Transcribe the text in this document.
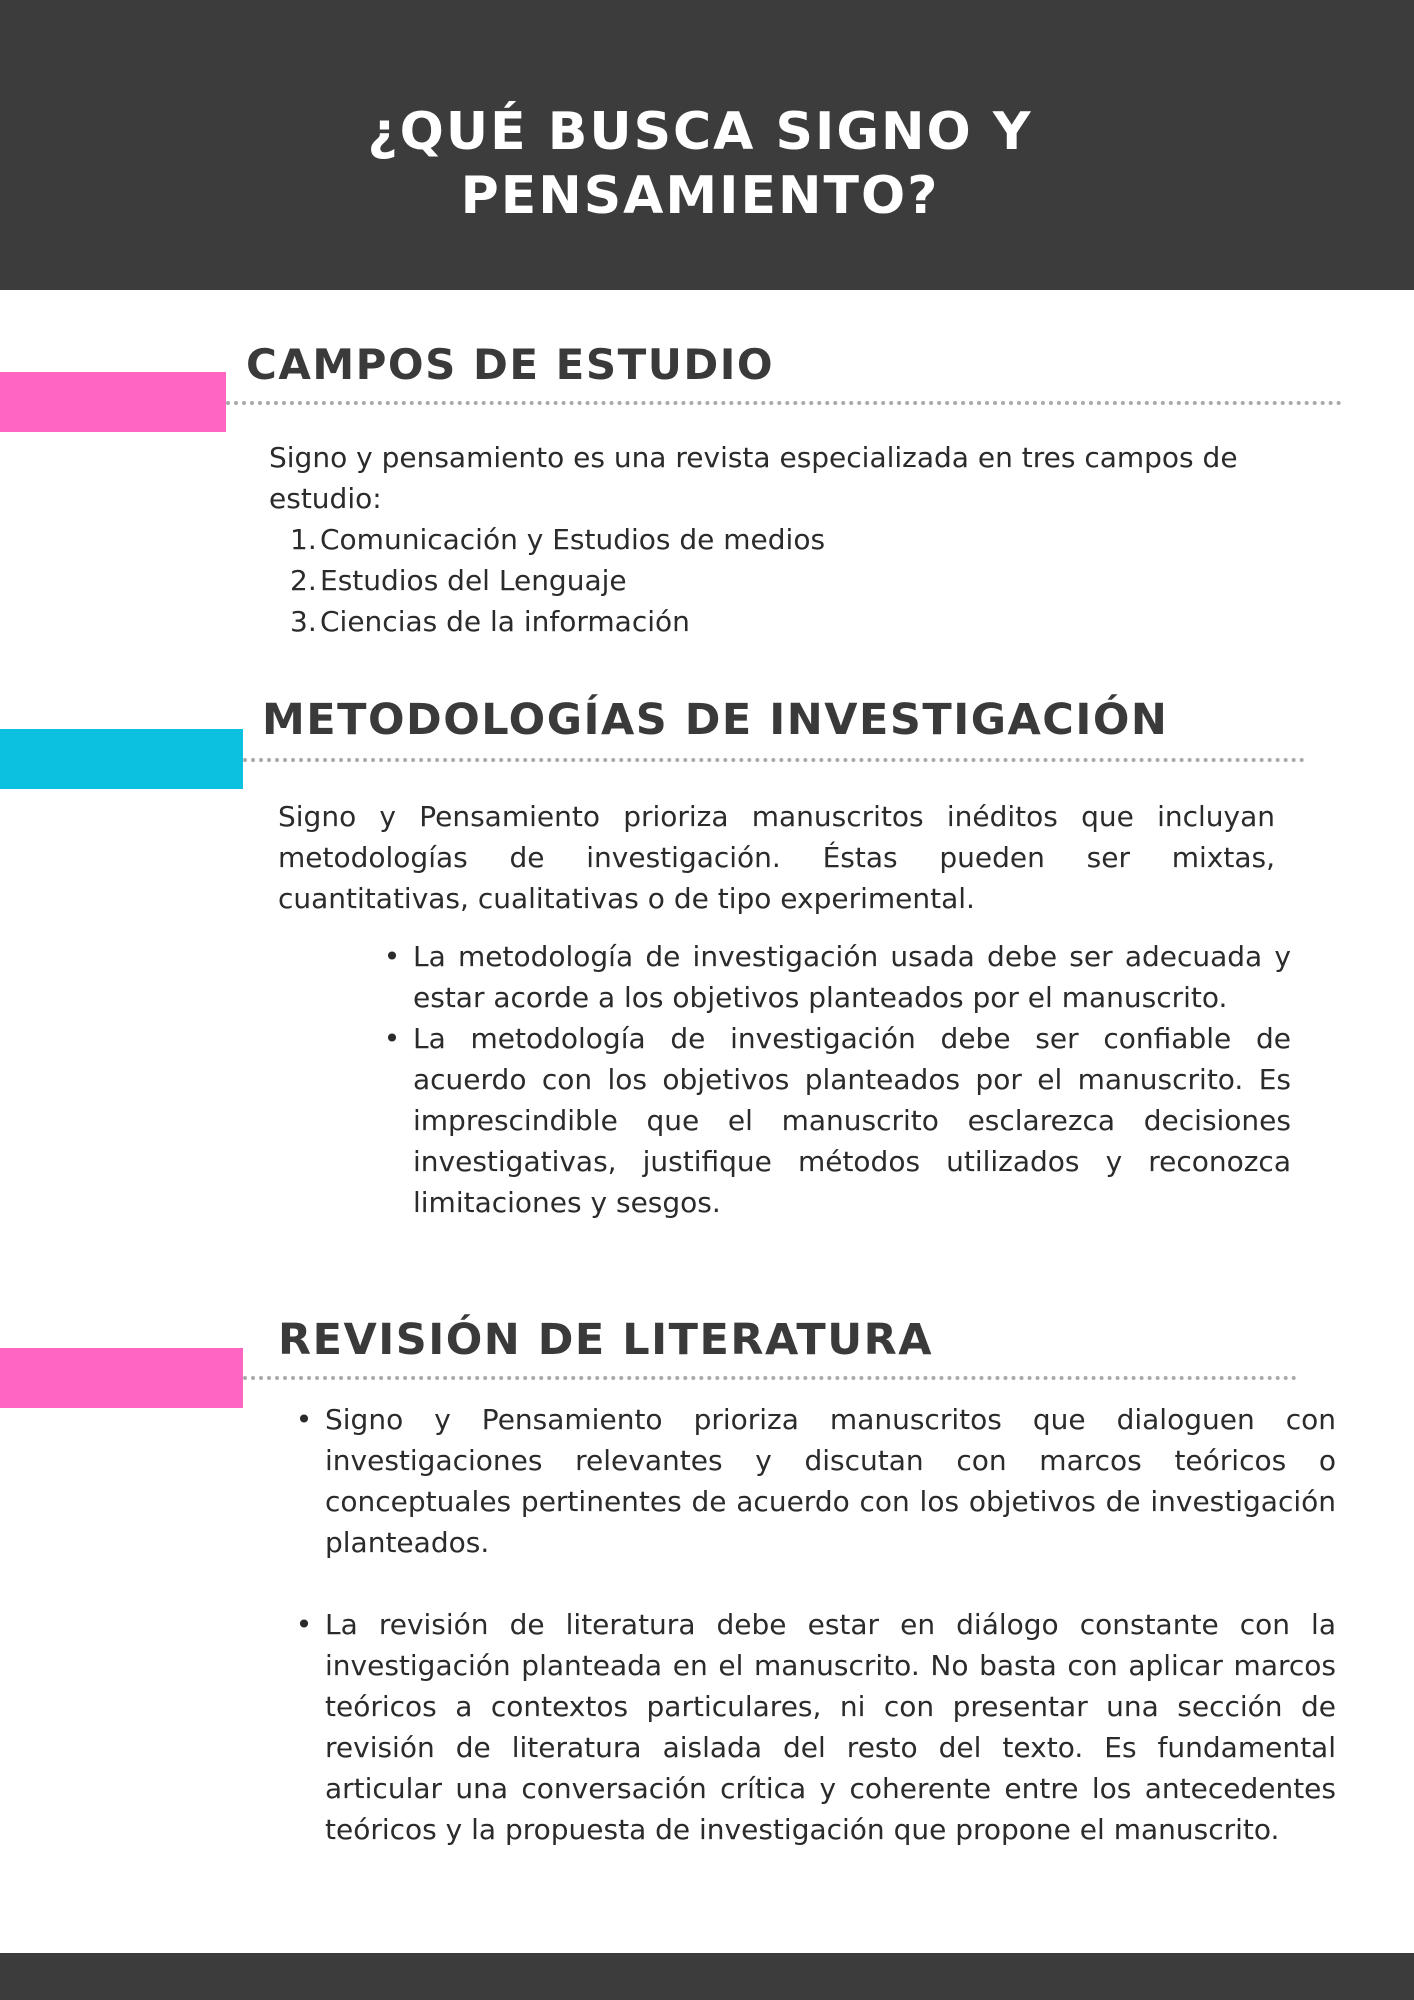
¿QUÉ BUSCA SIGNO Y PENSAMIENTO?
CAMPOS DE ESTUDIO

Signo y pensamiento es una revista especializada en tres campos de estudio:

1. Comunicación y Estudios de medios
2. Estudios del Lenguaje
3. Ciencias de la información
METODOLOGÍAS DE INVESTIGACIÓN

Signo y Pensamiento prioriza manuscritos inéditos que incluyan metodologías de investigación. Éstas pueden ser mixtas, cuantitativas, cualitativas o de tipo experimental.

• La metodología de investigación usada debe ser adecuada y estar acorde a los objetivos planteados por el manuscrito.
• La metodología de investigación debe ser confiable de acuerdo con los objetivos planteados por el manuscrito. Es imprescindible que el manuscrito esclarezca decisiones investigativas, justifique métodos utilizados y reconozca limitaciones y sesgos.
REVISIÓN DE LITERATURA
• Signo y Pensamiento prioriza manuscritos que dialoguen con investigaciones relevantes y discutan con marcos teóricos o conceptuales pertinentes de acuerdo con los objetivos de investigación planteados.
• La revisión de literatura debe estar en diálogo constante con la investigación planteada en el manuscrito. No basta con aplicar marcos teóricos a contextos particulares, ni con presentar una sección de revisión de literatura aislada del resto del texto. Es fundamental articular una conversación crítica y coherente entre los antecedentes teóricos y la propuesta de investigación que propone el manuscrito.
